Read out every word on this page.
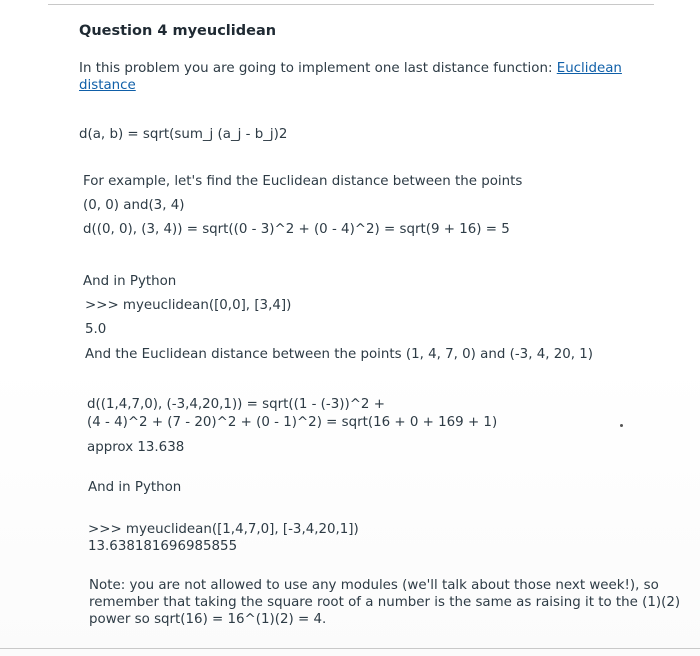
Question 4 myeuclidean
In this problem you are going to implement one last distance function: Euclidean
distance
d(a, b) = sqrt(sum_j (a_j - b_j)2
For example, let's find the Euclidean distance between the points
(0, 0) and(3, 4)
d((0, 0), (3, 4)) = sqrt((0 - 3)^2 + (0 - 4)^2) = sqrt(9 + 16) = 5
And in Python
>>> myeuclidean([0,0], [3,4])
5.0
And the Euclidean distance between the points (1, 4, 7, 0) and (-3, 4, 20, 1)
d((1,4,7,0), (-3,4,20,1)) = sqrt((1 - (-3))^2 +
(4 - 4)^2 + (7 - 20)^2 + (0 - 1)^2) = sqrt(16 + 0 + 169 + 1)
approx 13.638
And in Python
>>> myeuclidean([1,4,7,0], [-3,4,20,1])
13.638181696985855
Note: you are not allowed to use any modules (we'll talk about those next week!), so
remember that taking the square root of a number is the same as raising it to the (1)(2)
power so sqrt(16) = 16^(1)(2) = 4.
